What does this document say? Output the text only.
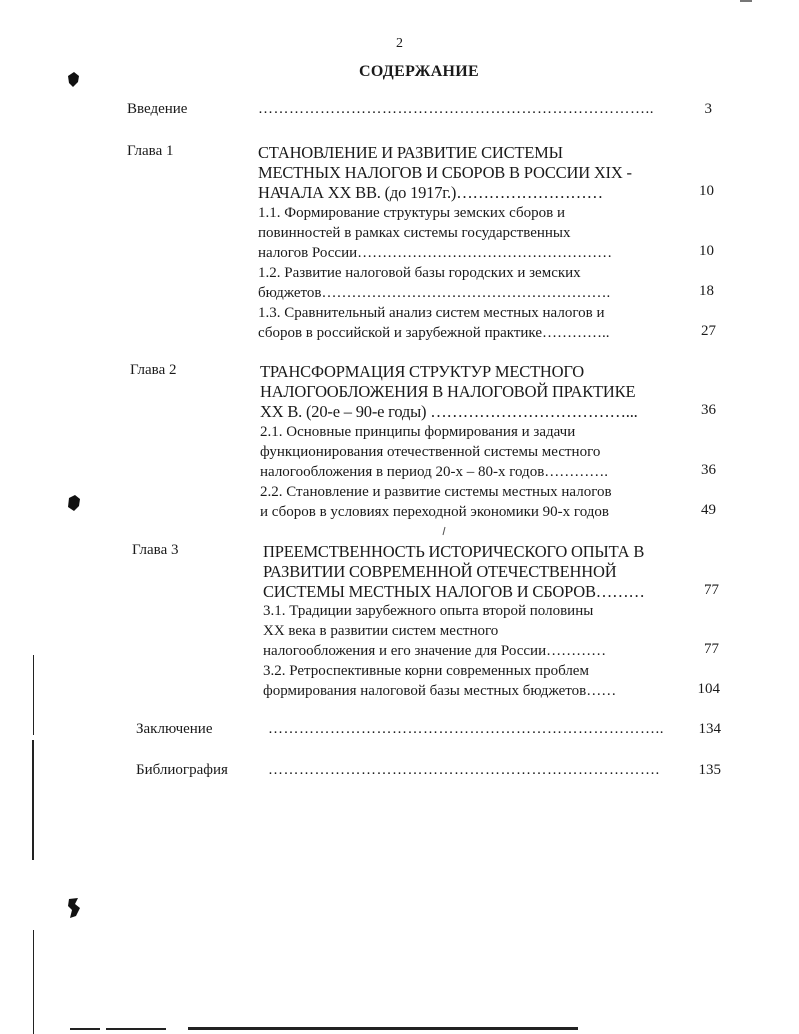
2
СОДЕРЖАНИЕ
Введение	…………………………………………………………………..	3
Глава 1	СТАНОВЛЕНИЕ И РАЗВИТИЕ СИСТЕМЫ
МЕСТНЫХ НАЛОГОВ И СБОРОВ В РОССИИ XIX -
НАЧАЛА XX ВВ. (до 1917г.)………………………	10
1.1. Формирование структуры земских сборов и
повинностей в рамках системы государственных
налогов России……………………………………………	10
1.2. Развитие налоговой базы городских и земских
бюджетов………………………………………………….	18
1.3. Сравнительный анализ систем местных налогов и
сборов в российской и зарубежной практике…………..	27
Глава 2	ТРАНСФОРМАЦИЯ СТРУКТУР МЕСТНОГО
НАЛОГООБЛОЖЕНИЯ В НАЛОГОВОЙ ПРАКТИКЕ
XX В. (20-е – 90-е годы) ………………………………...	36
2.1. Основные принципы формирования и задачи
функционирования отечественной системы местного
налогообложения в период 20-х – 80-х годов………….	36
2.2. Становление и развитие системы местных налогов
и сборов в условиях переходной экономики 90-х годов	49
Глава 3	ПРЕЕМСТВЕННОСТЬ ИСТОРИЧЕСКОГО ОПЫТА В
РАЗВИТИИ СОВРЕМЕННОЙ ОТЕЧЕСТВЕННОЙ
СИСТЕМЫ МЕСТНЫХ НАЛОГОВ И СБОРОВ………	77
3.1. Традиции зарубежного опыта второй половины
XX века в развитии систем местного
налогообложения и его значение для России…………	77
3.2. Ретроспективные корни современных проблем
формирования налоговой базы местных бюджетов……	104
Заключение	…………………………………………………………………..	134
Библиография	………………………………………………………………….	135
